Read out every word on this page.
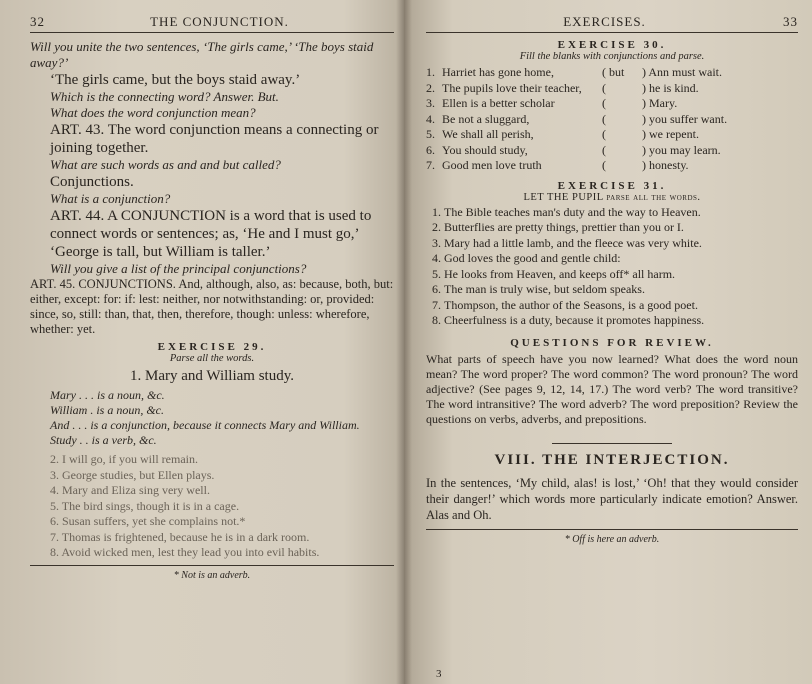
32	THE CONJUNCTION.
Will you unite the two sentences, ‘The girls came,’ ‘The boys staid away?’
‘The girls came, but the boys staid away.’
Which is the connecting word? Answer. But.
What does the word conjunction mean?
ART. 43. The word conjunction means a connecting or joining together.
What are such words as and and but called?
Conjunctions.
What is a conjunction?
ART. 44. A CONJUNCTION is a word that is used to connect words or sentences; as, ‘He and I must go,’ ‘George is tall, but William is taller.’
Will you give a list of the principal conjunctions?
ART. 45. CONJUNCTIONS. And, although, also, as: because, both, but: either, except: for: if: lest: neither, nor notwithstanding: or, provided: since, so, still: than, that, then, therefore, though: unless: wherefore, whether: yet.
EXERCISE 29.
Parse all the words.
1. Mary and William study.
Mary . . . is a noun, &c.
William . is a noun, &c.
And . . . is a conjunction, because it connects Mary and William.
Study . . is a verb, &c.
2. I will go, if you will remain.
3. George studies, but Ellen plays.
4. Mary and Eliza sing very well.
5. The bird sings, though it is in a cage.
6. Susan suffers, yet she complains not.*
7. Thomas is frightened, because he is in a dark room.
8. Avoid wicked men, lest they lead you into evil habits.
* Not is an adverb.
EXERCISES.	33
EXERCISE 30.
Fill the blanks with conjunctions and parse.
1. Harriet has gone home,	( but	) Ann must wait.
2. The pupils love their teacher,	(	) he is kind.
3. Ellen is a better scholar	(	) Mary.
4. Be not a sluggard,	(	) you suffer want.
5. We shall all perish,	(	) we repent.
6. You should study,	(	) you may learn.
7. Good men love truth	(	) honesty.
EXERCISE 31.
LET THE PUPIL parse all the words.
1. The Bible teaches man's duty and the way to Heaven.
2. Butterflies are pretty things, prettier than you or I.
3. Mary had a little lamb, and the fleece was very white.
4. God loves the good and gentle child:
5. He looks from Heaven, and keeps off* all harm.
6. The man is truly wise, but seldom speaks.
7. Thompson, the author of the Seasons, is a good poet.
8. Cheerfulness is a duty, because it promotes happiness.
QUESTIONS FOR REVIEW.
What parts of speech have you now learned? What does the word noun mean? The word proper? The word common? The word pronoun? The word adjective? (See pages 9, 12, 14, 17.) The word verb? The word transitive? The word intransitive? The word adverb? The word preposition? Review the questions on verbs, adverbs, and prepositions.
VIII. THE INTERJECTION.
In the sentences, ‘My child, alas! is lost,’ ‘Oh! that they would consider their danger!’ which words more particularly indicate emotion? Answer. Alas and Oh.
* Off is here an adverb.
3
